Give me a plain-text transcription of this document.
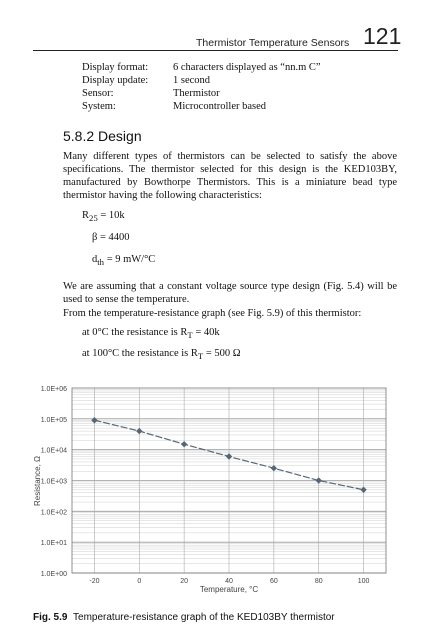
Thermistor Temperature Sensors 121
Display format: 6 characters displayed as “nn.m C”
Display update: 1 second
Sensor:	Thermistor
System:	Microcontroller based
5.8.2 Design
Many different types of thermistors can be selected to satisfy the above specifications. The thermistor selected for this design is the KED103BY, manufactured by Bowthorpe Thermistors. This is a miniature bead type thermistor having the following characteristics:
$R_{25} = 10k$
β = 4400
$d_{th} = 9$ mW/°C
We are assuming that a constant voltage source type design (Fig. 5.4) will be used to sense the temperature.
From the temperature-resistance graph (see Fig. 5.9) of this thermistor:
at 0°C the resistance is $R_T = 40k$
at 100°C the resistance is $R_T = 500$ Ω
1.0E+00
1.0E+01
1.0E+02
1.0E+03
1.0E+04
1.0E+05
1.0E+06
-20	0	20	40	60	80	100
Temperature, °C
Resistance, Ω
Fig. 5.9 Temperature-resistance graph of the KED103BY thermistor
